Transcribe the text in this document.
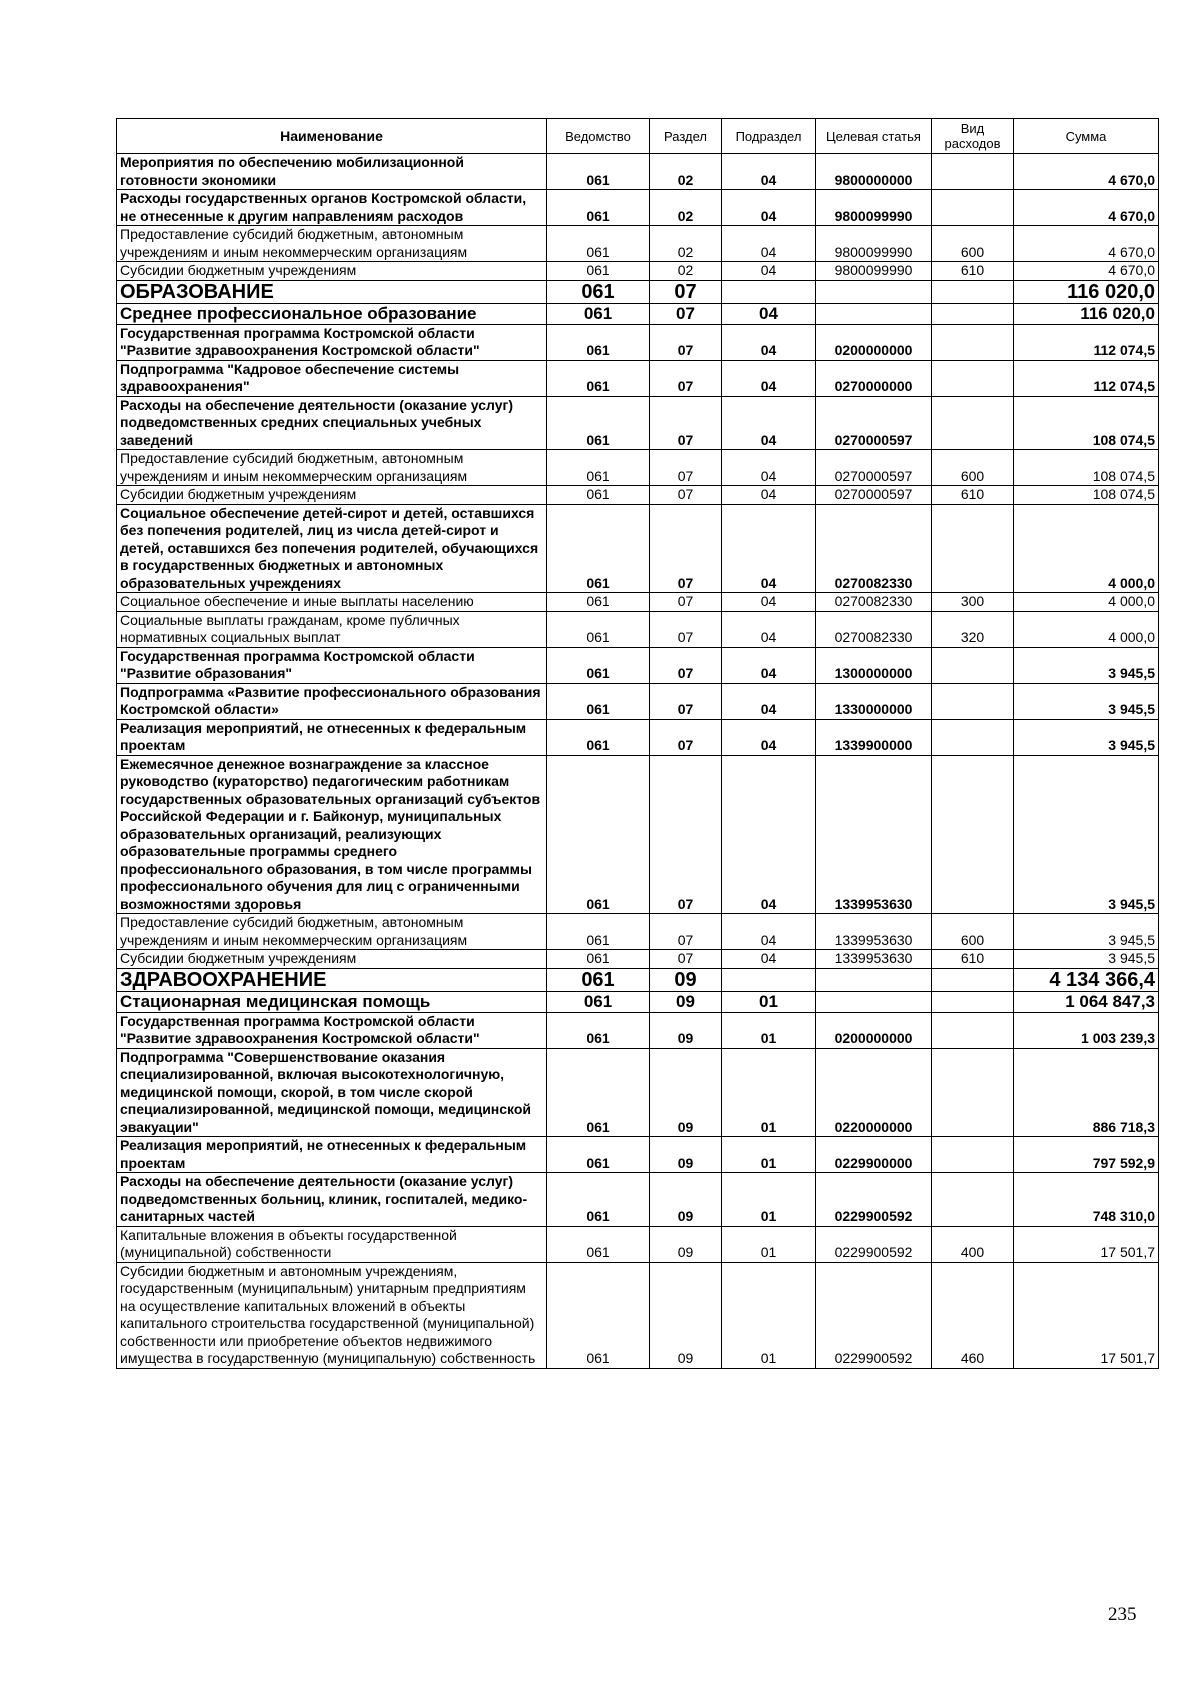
Наименование	Ведомство	Раздел	Подраздел	Целевая статья	Вид расходов	Сумма
Мероприятия по обеспечению мобилизационной готовности экономики	061	02	04	9800000000		4 670,0
Расходы государственных органов Костромской области, не отнесенные к другим направлениям расходов	061	02	04	9800099990		4 670,0
Предоставление субсидий бюджетным, автономным учреждениям и иным некоммерческим организациям	061	02	04	9800099990	600	4 670,0
Субсидии бюджетным учреждениям	061	02	04	9800099990	610	4 670,0
ОБРАЗОВАНИЕ	061	07				116 020,0
Среднее профессиональное образование	061	07	04			116 020,0
Государственная программа Костромской области "Развитие здравоохранения Костромской области"	061	07	04	0200000000		112 074,5
Подпрограмма "Кадровое обеспечение системы здравоохранения"	061	07	04	0270000000		112 074,5
Расходы на обеспечение деятельности (оказание услуг) подведомственных средних специальных учебных заведений	061	07	04	0270000597		108 074,5
Предоставление субсидий бюджетным, автономным учреждениям и иным некоммерческим организациям	061	07	04	0270000597	600	108 074,5
Субсидии бюджетным учреждениям	061	07	04	0270000597	610	108 074,5
Социальное обеспечение детей-сирот и детей, оставшихся без попечения родителей, лиц из числа детей-сирот и детей, оставшихся без попечения родителей, обучающихся в государственных бюджетных и автономных образовательных учреждениях	061	07	04	0270082330		4 000,0
Социальное обеспечение и иные выплаты населению	061	07	04	0270082330	300	4 000,0
Социальные выплаты гражданам, кроме публичных нормативных социальных выплат	061	07	04	0270082330	320	4 000,0
Государственная программа Костромской области "Развитие образования"	061	07	04	1300000000		3 945,5
Подпрограмма «Развитие профессионального образования Костромской области»	061	07	04	1330000000		3 945,5
Реализация мероприятий, не отнесенных к федеральным проектам	061	07	04	1339900000		3 945,5
Ежемесячное денежное вознаграждение за классное руководство (кураторство) педагогическим работникам государственных образовательных организаций субъектов Российской Федерации и г. Байконур, муниципальных образовательных организаций, реализующих образовательные программы среднего профессионального образования, в том числе программы профессионального обучения для лиц с ограниченными возможностями здоровья	061	07	04	1339953630		3 945,5
Предоставление субсидий бюджетным, автономным учреждениям и иным некоммерческим организациям	061	07	04	1339953630	600	3 945,5
Субсидии бюджетным учреждениям	061	07	04	1339953630	610	3 945,5
ЗДРАВООХРАНЕНИЕ	061	09				4 134 366,4
Стационарная медицинская помощь	061	09	01			1 064 847,3
Государственная программа Костромской области "Развитие здравоохранения Костромской области"	061	09	01	0200000000		1 003 239,3
Подпрограмма "Совершенствование оказания специализированной, включая высокотехнологичную, медицинской помощи, скорой, в том числе скорой специализированной, медицинской помощи, медицинской эвакуации"	061	09	01	0220000000		886 718,3
Реализация мероприятий, не отнесенных к федеральным проектам	061	09	01	0229900000		797 592,9
Расходы на обеспечение деятельности (оказание услуг) подведомственных больниц, клиник, госпиталей, медико-санитарных частей	061	09	01	0229900592		748 310,0
Капитальные вложения в объекты государственной (муниципальной) собственности	061	09	01	0229900592	400	17 501,7
Субсидии бюджетным и автономным учреждениям, государственным (муниципальным) унитарным предприятиям на осуществление капитальных вложений в объекты капитального строительства государственной (муниципальной) собственности или приобретение объектов недвижимого имущества в государственную (муниципальную) собственность	061	09	01	0229900592	460	17 501,7
235
